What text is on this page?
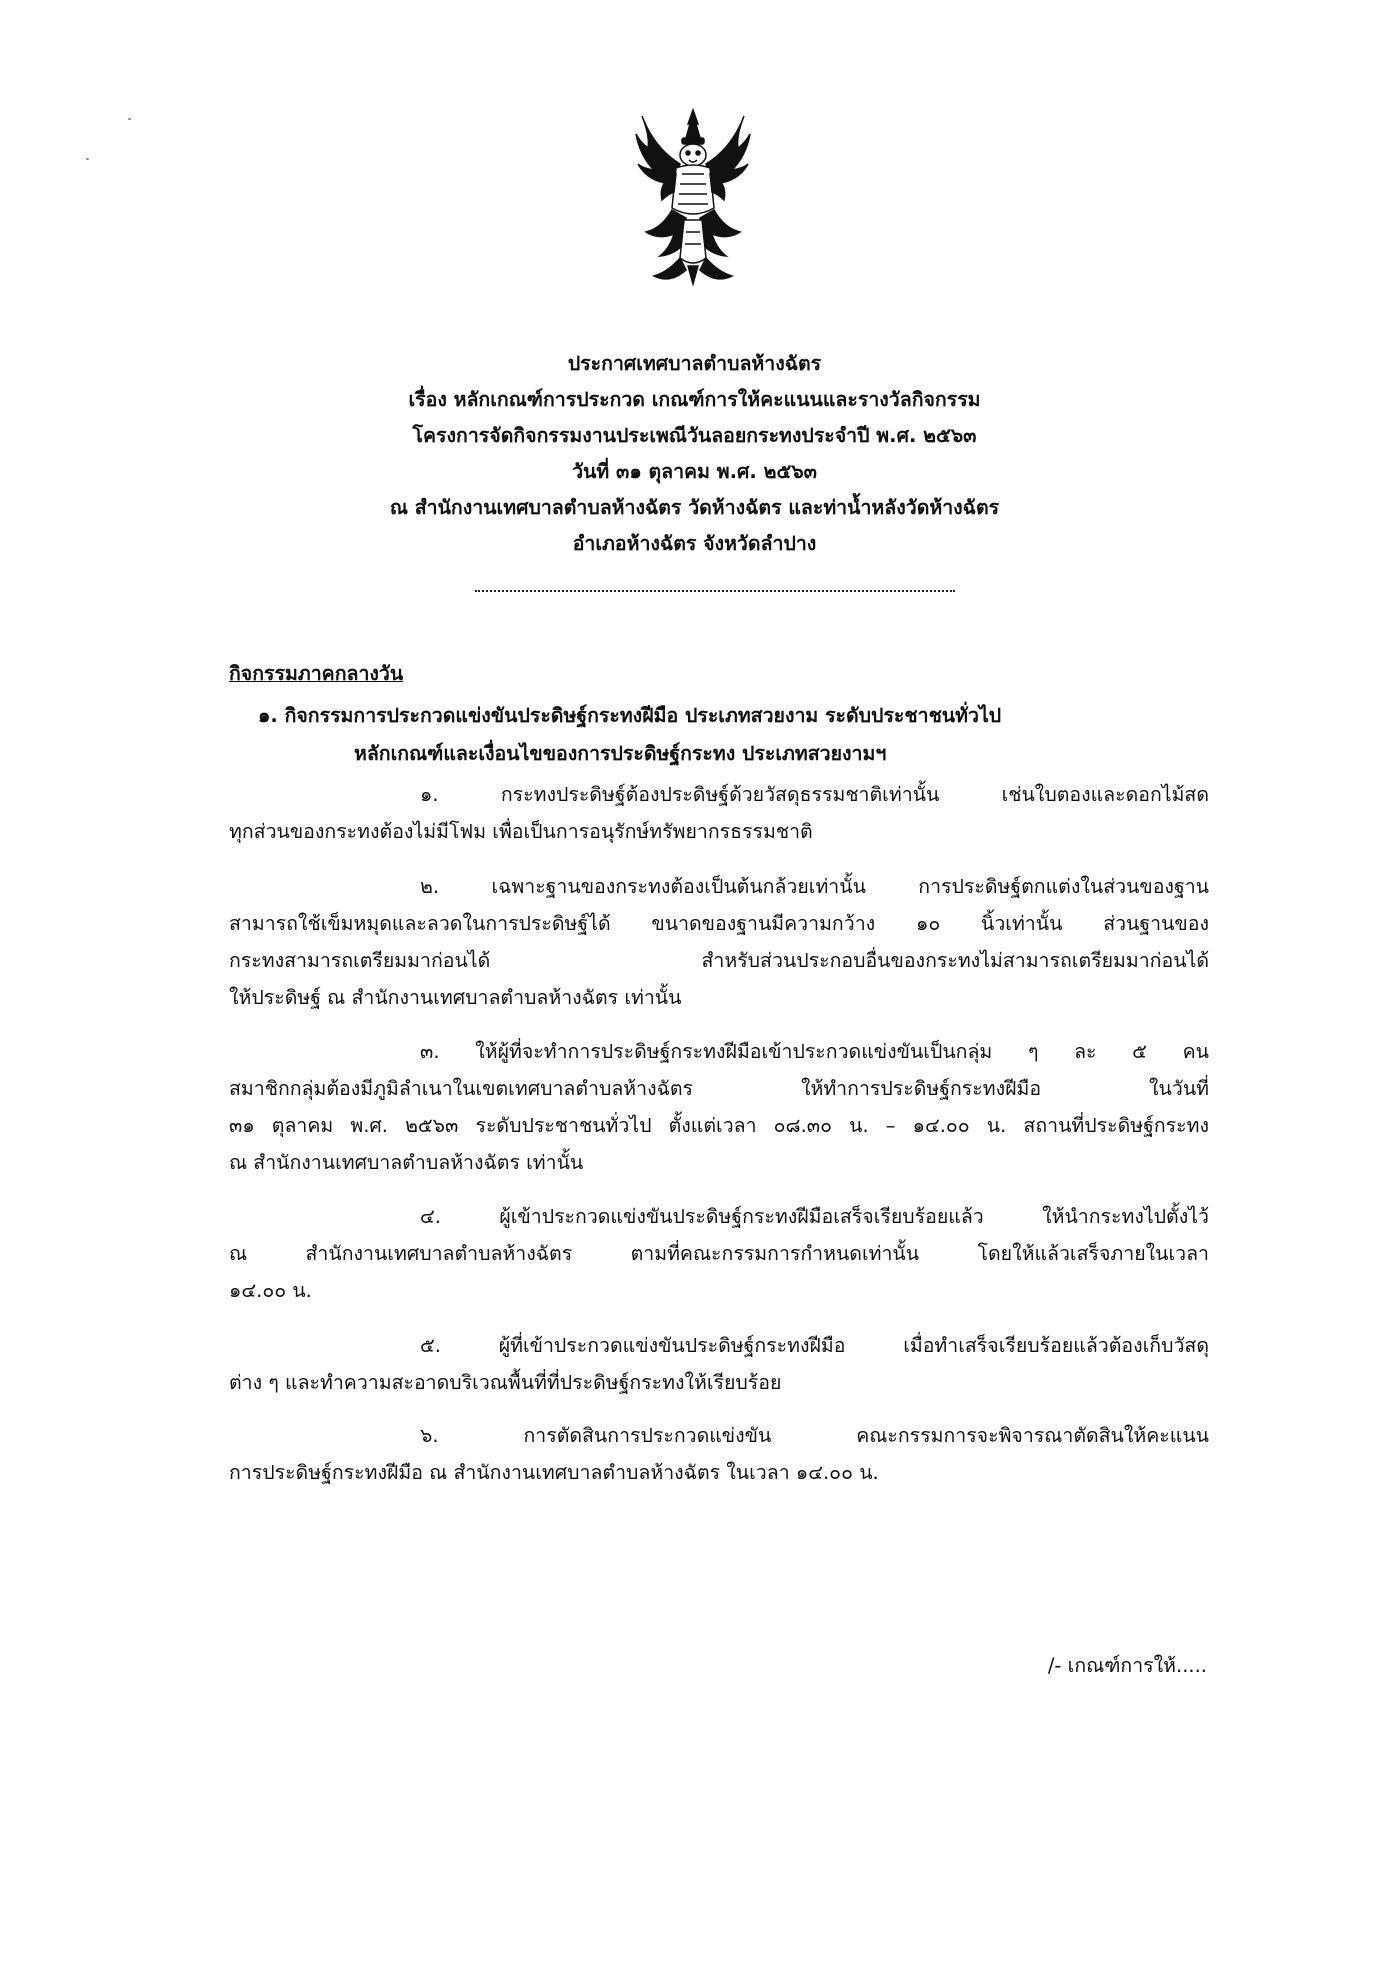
ประกาศเทศบาลตำบลห้างฉัตร
เรื่อง หลักเกณฑ์การประกวด เกณฑ์การให้คะแนนและรางวัลกิจกรรม
โครงการจัดกิจกรรมงานประเพณีวันลอยกระทงประจำปี พ.ศ. ๒๕๖๓
วันที่ ๓๑ ตุลาคม พ.ศ. ๒๕๖๓
ณ สำนักงานเทศบาลตำบลห้างฉัตร วัดห้างฉัตร และท่าน้ำหลังวัดห้างฉัตร
อำเภอห้างฉัตร จังหวัดลำปาง
กิจกรรมภาคกลางวัน
๑. กิจกรรมการประกวดแข่งขันประดิษฐ์กระทงฝีมือ ประเภทสวยงาม ระดับประชาชนทั่วไป
หลักเกณฑ์และเงื่อนไขของการประดิษฐ์กระทง ประเภทสวยงามฯ
๑. กระทงประดิษฐ์ต้องประดิษฐ์ด้วยวัสดุธรรมชาติเท่านั้น เช่นใบตองและดอกไม้สด
ทุกส่วนของกระทงต้องไม่มีโฟม เพื่อเป็นการอนุรักษ์ทรัพยากรธรรมชาติ
๒. เฉพาะฐานของกระทงต้องเป็นต้นกล้วยเท่านั้น การประดิษฐ์ตกแต่งในส่วนของฐาน
สามารถใช้เข็มหมุดและลวดในการประดิษฐ์ได้ ขนาดของฐานมีความกว้าง ๑๐ นิ้วเท่านั้น ส่วนฐานของ
กระทงสามารถเตรียมมาก่อนได้ สำหรับส่วนประกอบอื่นของกระทงไม่สามารถเตรียมมาก่อนได้
ให้ประดิษฐ์ ณ สำนักงานเทศบาลตำบลห้างฉัตร เท่านั้น
๓. ให้ผู้ที่จะทำการประดิษฐ์กระทงฝีมือเข้าประกวดแข่งขันเป็นกลุ่ม ๆ ละ ๕ คน
สมาชิกกลุ่มต้องมีภูมิลำเนาในเขตเทศบาลตำบลห้างฉัตร ให้ทำการประดิษฐ์กระทงฝีมือ ในวันที่
๓๑ ตุลาคม พ.ศ. ๒๕๖๓ ระดับประชาชนทั่วไป ตั้งแต่เวลา ๐๘.๓๐ น. – ๑๔.๐๐ น. สถานที่ประดิษฐ์กระทง
ณ สำนักงานเทศบาลตำบลห้างฉัตร เท่านั้น
๔. ผู้เข้าประกวดแข่งขันประดิษฐ์กระทงฝีมือเสร็จเรียบร้อยแล้ว ให้นำกระทงไปตั้งไว้
ณ สำนักงานเทศบาลตำบลห้างฉัตร ตามที่คณะกรรมการกำหนดเท่านั้น โดยให้แล้วเสร็จภายในเวลา
๑๔.๐๐ น.
๕. ผู้ที่เข้าประกวดแข่งขันประดิษฐ์กระทงฝีมือ เมื่อทำเสร็จเรียบร้อยแล้วต้องเก็บวัสดุ
ต่าง ๆ และทำความสะอาดบริเวณพื้นที่ที่ประดิษฐ์กระทงให้เรียบร้อย
๖. การตัดสินการประกวดแข่งขัน คณะกรรมการจะพิจารณาตัดสินให้คะแนน
การประดิษฐ์กระทงฝีมือ ณ สำนักงานเทศบาลตำบลห้างฉัตร ในเวลา ๑๔.๐๐ น.
/- เกณฑ์การให้.....
